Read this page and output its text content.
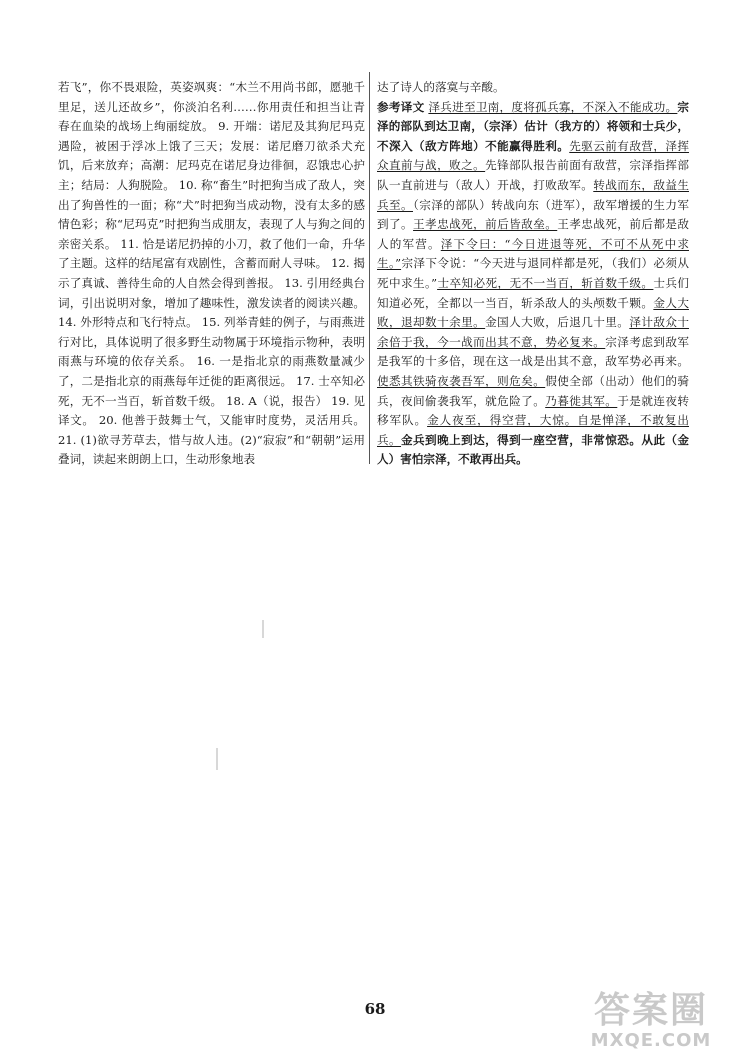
若飞”，你不畏艰险，英姿飒爽：“木兰不用尚书郎，愿驰千里足，送儿还故乡”，你淡泊名利……你用责任和担当让青春在血染的战场上绚丽绽放。 9. 开端：诺尼及其狗尼玛克遇险，被困于浮冰上饿了三天；发展：诺尼磨刀欲杀犬充饥，后来放弃；高潮：尼玛克在诺尼身边徘徊，忍饿忠心护主；结局：人狗脱险。 10. 称“畜生”时把狗当成了敌人，突出了狗兽性的一面；称“犬”时把狗当成动物，没有太多的感情色彩；称“尼玛克”时把狗当成朋友，表现了人与狗之间的亲密关系。 11. 恰是诺尼扔掉的小刀，救了他们一命，升华了主题。这样的结尾富有戏剧性，含蓄而耐人寻味。 12. 揭示了真诚、善待生命的人自然会得到善报。 13. 引用经典台词，引出说明对象，增加了趣味性，激发读者的阅读兴趣。 14. 外形特点和飞行特点。 15. 列举青蛙的例子，与雨燕进行对比，具体说明了很多野生动物属于环境指示物种，表明雨燕与环境的依存关系。 16. 一是指北京的雨燕数量减少了，二是指北京的雨燕每年迁徙的距离很远。 17. 士卒知必死，无不一当百，斩首数千级。 18. A（说，报告） 19. 见译文。 20. 他善于鼓舞士气，又能审时度势，灵活用兵。 21. (1)欲寻芳草去，惜与故人违。(2)“寂寂”和“朝朝”运用叠词，读起来朗朗上口，生动形象地表

达了诗人的落寞与辛酸。

参考译文 泽兵进至卫南，度将孤兵寡，不深入不能成功。宗泽的部队到达卫南，（宗泽）估计（我方的）将领和士兵少，不深入（敌方阵地）不能赢得胜利。先驱云前有敌营，泽挥众直前与战，败之。先锋部队报告前面有敌营，宗泽指挥部队一直前进与（敌人）开战，打败敌军。转战而东，敌益生兵至。（宗泽的部队）转战向东（进军），敌军增援的生力军到了。王孝忠战死，前后皆敌垒。王孝忠战死，前后都是敌人的军营。泽下令曰：“今日进退等死，不可不从死中求生。”宗泽下令说：“今天进与退同样都是死，（我们）必须从死中求生。”士卒知必死，无不一当百，斩首数千级。士兵们知道必死，全都以一当百，斩杀敌人的头颅数千颗。金人大败，退却数十余里。金国人大败，后退几十里。泽计敌众十余倍于我，今一战而出其不意，势必复来。宗泽考虑到敌军是我军的十多倍，现在这一战是出其不意，敌军势必再来。使悉其铁骑夜袭吾军，则危矣。假使全部（出动）他们的骑兵，夜间偷袭我军，就危险了。乃暮徙其军。于是就连夜转移军队。金人夜至，得空营，大惊。自是惮泽，不敢复出兵。金兵到晚上到达，得到一座空营，非常惊恐。从此（金人）害怕宗泽，不敢再出兵。

68	答案圈
MXQE.COM
